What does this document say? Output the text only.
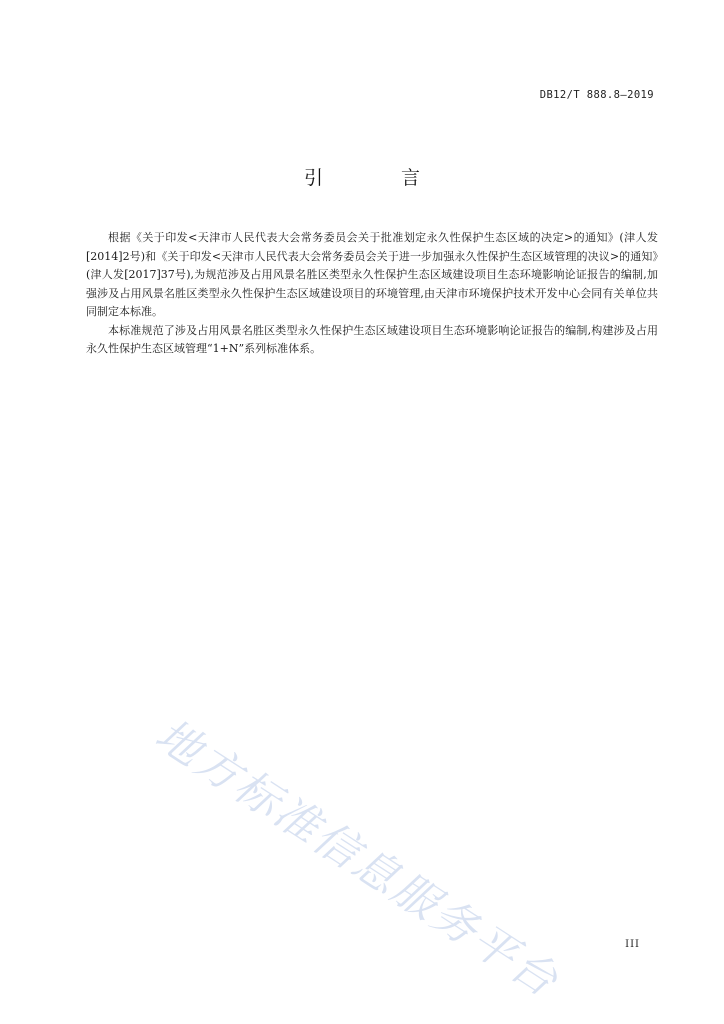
DB12/T 888.8—2019
引 言

根据《关于印发<天津市人民代表大会常务委员会关于批准划定永久性保护生态区域的决定>的通知》(津人发[2014]2号)和《关于印发<天津市人民代表大会常务委员会关于进一步加强永久性保护生态区域管理的决议>的通知》(津人发[2017]37号),为规范涉及占用风景名胜区类型永久性保护生态区域建设项目生态环境影响论证报告的编制,加强涉及占用风景名胜区类型永久性保护生态区域建设项目的环境管理,由天津市环境保护技术开发中心会同有关单位共同制定本标准。

本标准规范了涉及占用风景名胜区类型永久性保护生态区域建设项目生态环境影响论证报告的编制,构建涉及占用永久性保护生态区域管理“1+N”系列标准体系。

地方标准信息服务平台	III
